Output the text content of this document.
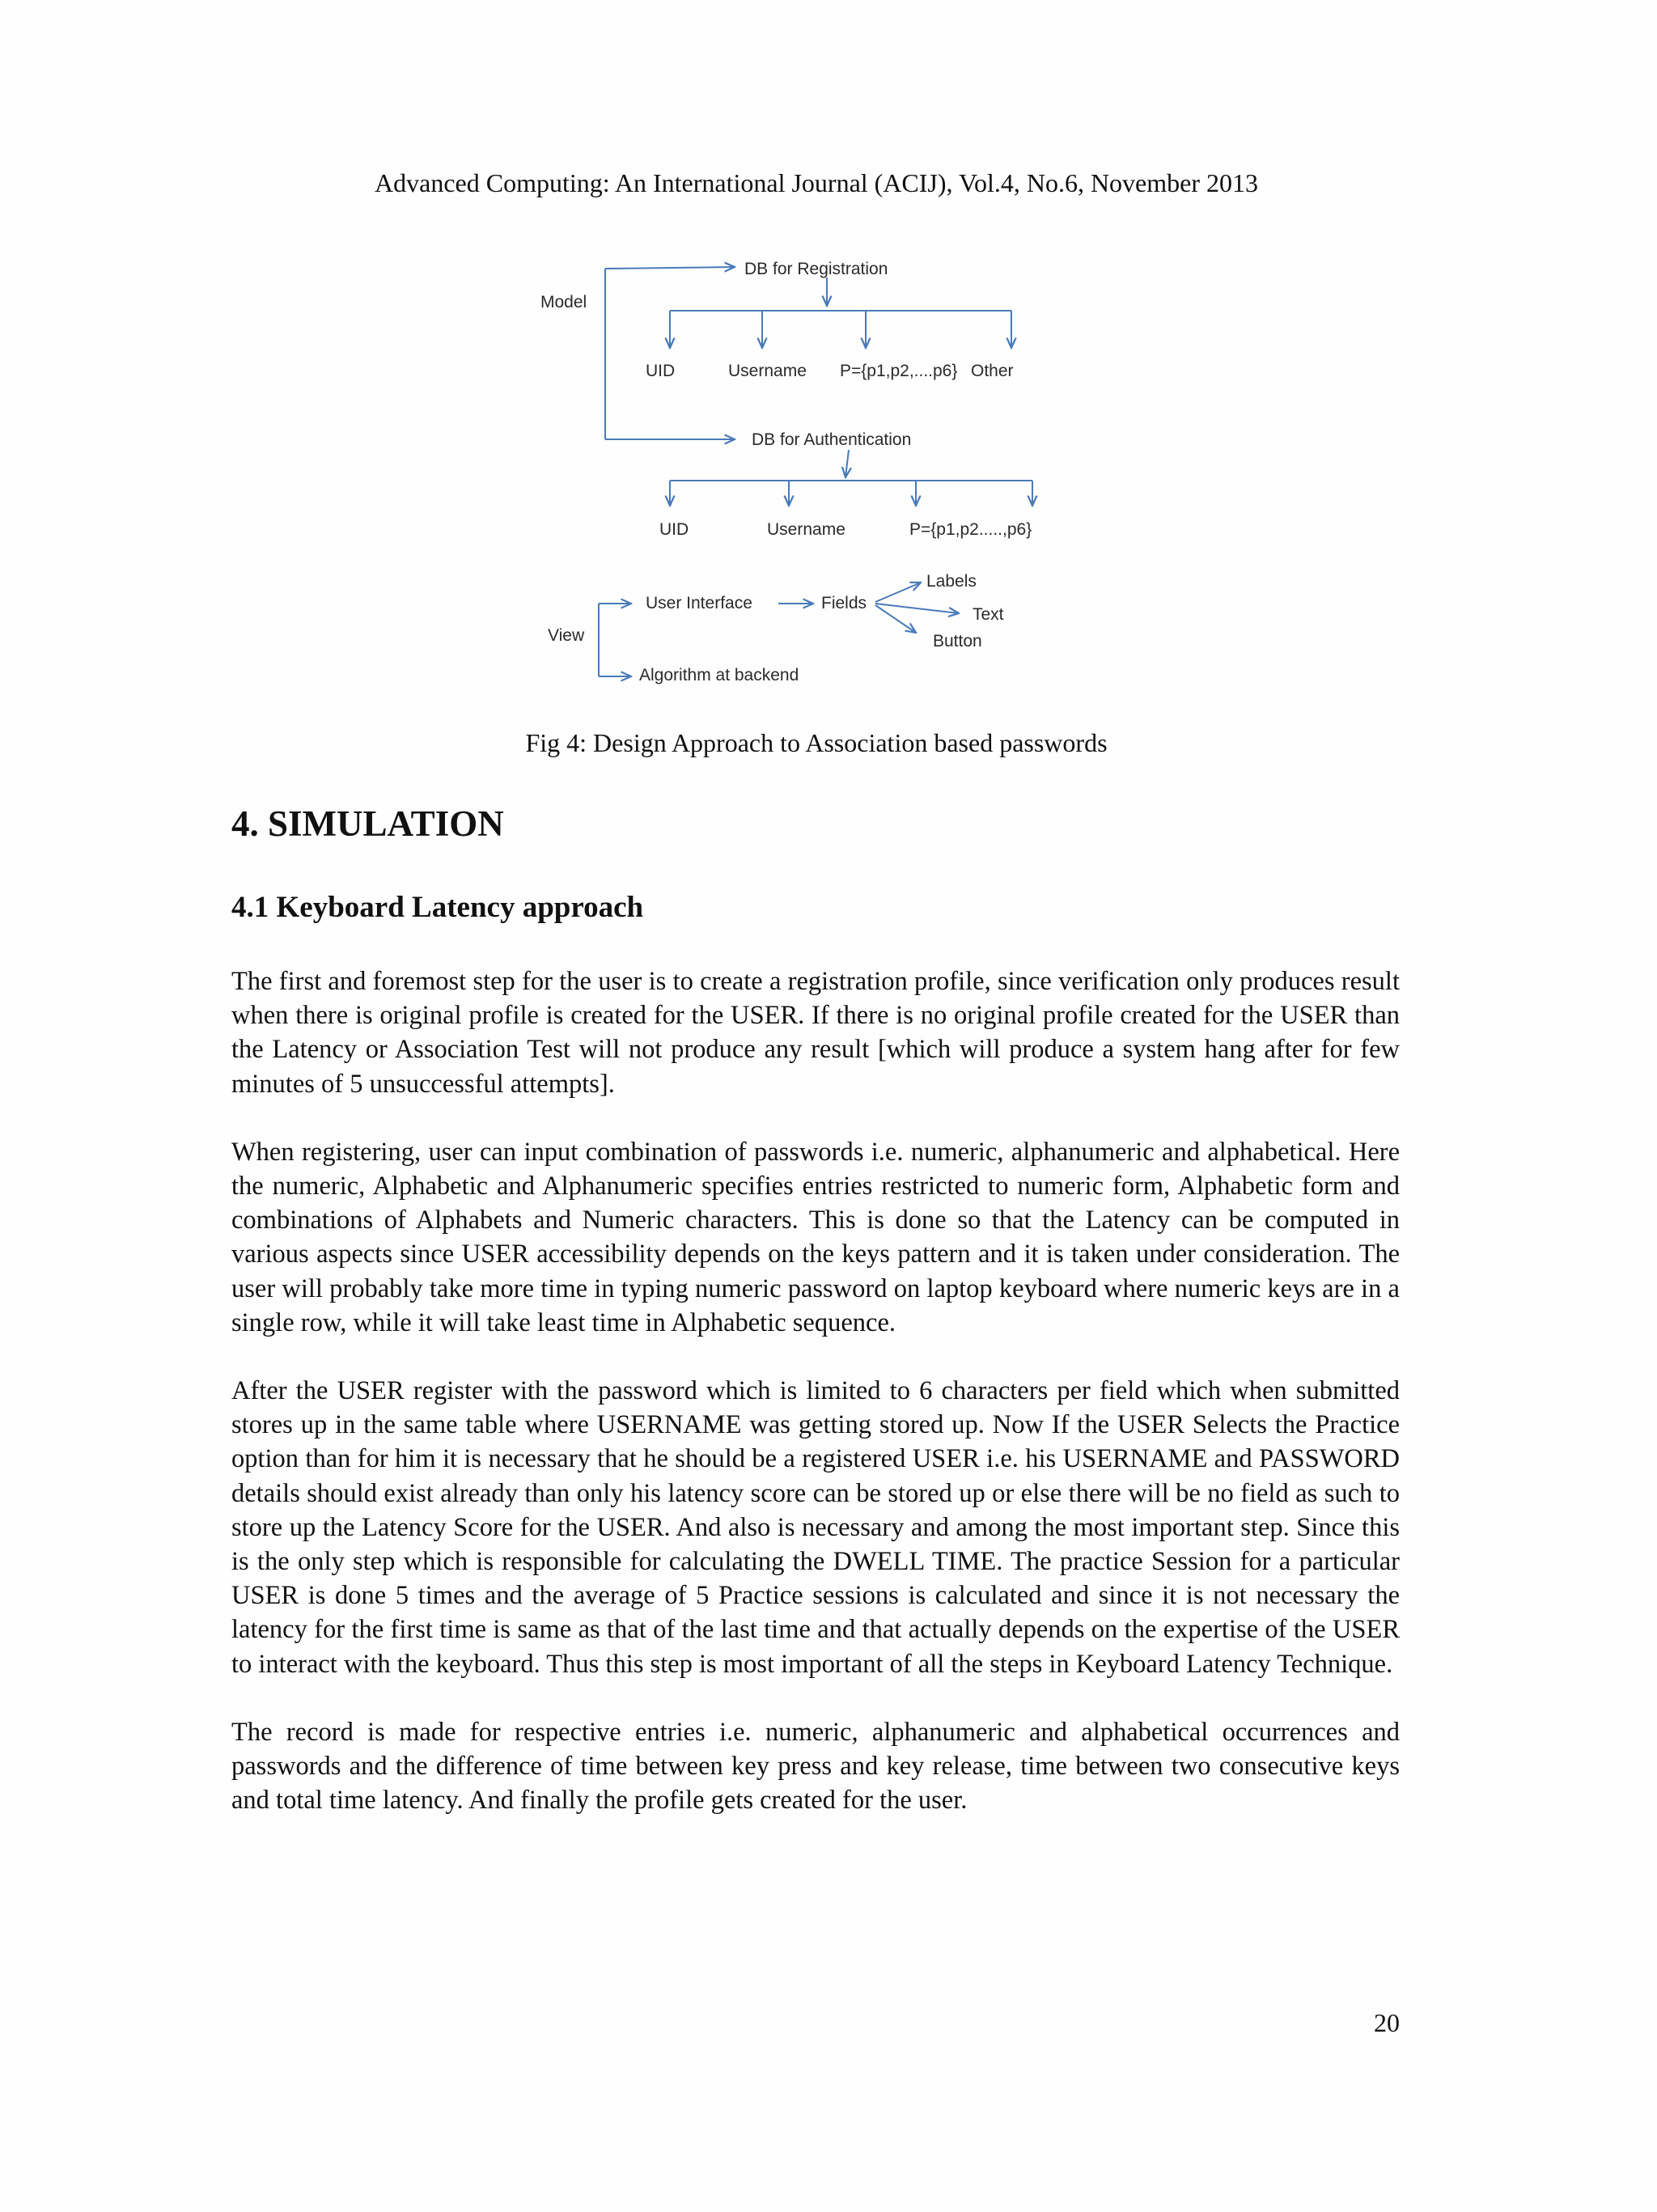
Advanced Computing: An International Journal (ACIJ), Vol.4, No.6, November 2013
Model
DB for Registration
UID	Username P={p1,p2,....p6} Other
DB for Authentication
UID	Username	P={p1,p2.....,p6}
View
User Interface	Fields
Labels
Text
Button
Algorithm at backend
Fig 4: Design Approach to Association based passwords
4. SIMULATION
4.1 Keyboard Latency approach

The first and foremost step for the user is to create a registration profile, since verification only produces result when there is original profile is created for the USER. If there is no original profile created for the USER than the Latency or Association Test will not produce any result [which will produce a system hang after for few minutes of 5 unsuccessful attempts].

When registering, user can input combination of passwords i.e. numeric, alphanumeric and alphabetical. Here the numeric, Alphabetic and Alphanumeric specifies entries restricted to numeric form, Alphabetic form and combinations of Alphabets and Numeric characters. This is done so that the Latency can be computed in various aspects since USER accessibility depends on the keys pattern and it is taken under consideration. The user will probably take more time in typing numeric password on laptop keyboard where numeric keys are in a single row, while it will take least time in Alphabetic sequence.

After the USER register with the password which is limited to 6 characters per field which when submitted stores up in the same table where USERNAME was getting stored up. Now If the USER Selects the Practice option than for him it is necessary that he should be a registered USER i.e. his USERNAME and PASSWORD details should exist already than only his latency score can be stored up or else there will be no field as such to store up the Latency Score for the USER. And also is necessary and among the most important step. Since this is the only step which is responsible for calculating the DWELL TIME. The practice Session for a particular USER is done 5 times and the average of 5 Practice sessions is calculated and since it is not necessary the latency for the first time is same as that of the last time and that actually depends on the expertise of the USER to interact with the keyboard. Thus this step is most important of all the steps in Keyboard Latency Technique.

The record is made for respective entries i.e. numeric, alphanumeric and alphabetical occurrences and passwords and the difference of time between key press and key release, time between two consecutive keys and total time latency. And finally the profile gets created for the user.

20
